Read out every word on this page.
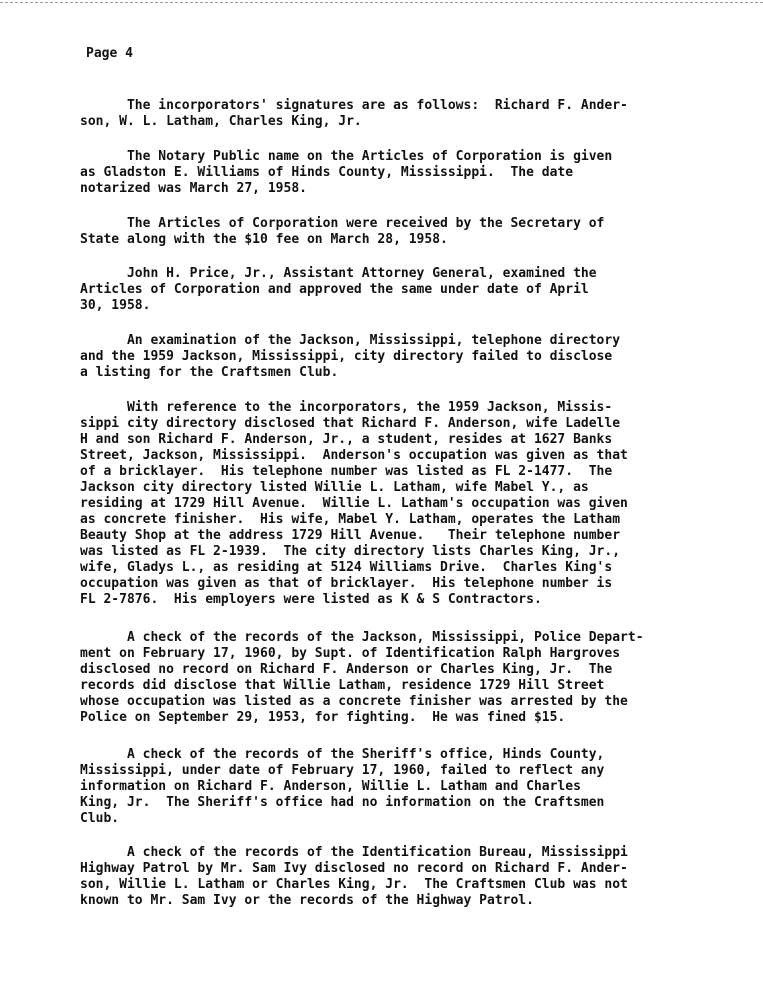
Page 4
The incorporators' signatures are as follows:  Richard F. Ander-
son, W. L. Latham, Charles King, Jr.
The Notary Public name on the Articles of Corporation is given
as Gladston E. Williams of Hinds County, Mississippi.  The date
notarized was March 27, 1958.
The Articles of Corporation were received by the Secretary of
State along with the $10 fee on March 28, 1958.
John H. Price, Jr., Assistant Attorney General, examined the
Articles of Corporation and approved the same under date of April
30, 1958.
An examination of the Jackson, Mississippi, telephone directory
and the 1959 Jackson, Mississippi, city directory failed to disclose
a listing for the Craftsmen Club.
With reference to the incorporators, the 1959 Jackson, Missis-
sippi city directory disclosed that Richard F. Anderson, wife Ladelle
H and son Richard F. Anderson, Jr., a student, resides at 1627 Banks
Street, Jackson, Mississippi.  Anderson's occupation was given as that
of a bricklayer.  His telephone number was listed as FL 2-1477.  The
Jackson city directory listed Willie L. Latham, wife Mabel Y., as
residing at 1729 Hill Avenue.  Willie L. Latham's occupation was given
as concrete finisher.  His wife, Mabel Y. Latham, operates the Latham
Beauty Shop at the address 1729 Hill Avenue.   Their telephone number
was listed as FL 2-1939.  The city directory lists Charles King, Jr.,
wife, Gladys L., as residing at 5124 Williams Drive.  Charles King's
occupation was given as that of bricklayer.  His telephone number is
FL 2-7876.  His employers were listed as K & S Contractors.
A check of the records of the Jackson, Mississippi, Police Depart-
ment on February 17, 1960, by Supt. of Identification Ralph Hargroves
disclosed no record on Richard F. Anderson or Charles King, Jr.  The
records did disclose that Willie Latham, residence 1729 Hill Street
whose occupation was listed as a concrete finisher was arrested by the
Police on September 29, 1953, for fighting.  He was fined $15.
A check of the records of the Sheriff's office, Hinds County,
Mississippi, under date of February 17, 1960, failed to reflect any
information on Richard F. Anderson, Willie L. Latham and Charles
King, Jr.  The Sheriff's office had no information on the Craftsmen
Club.
A check of the records of the Identification Bureau, Mississippi
Highway Patrol by Mr. Sam Ivy disclosed no record on Richard F. Ander-
son, Willie L. Latham or Charles King, Jr.  The Craftsmen Club was not
known to Mr. Sam Ivy or the records of the Highway Patrol.
